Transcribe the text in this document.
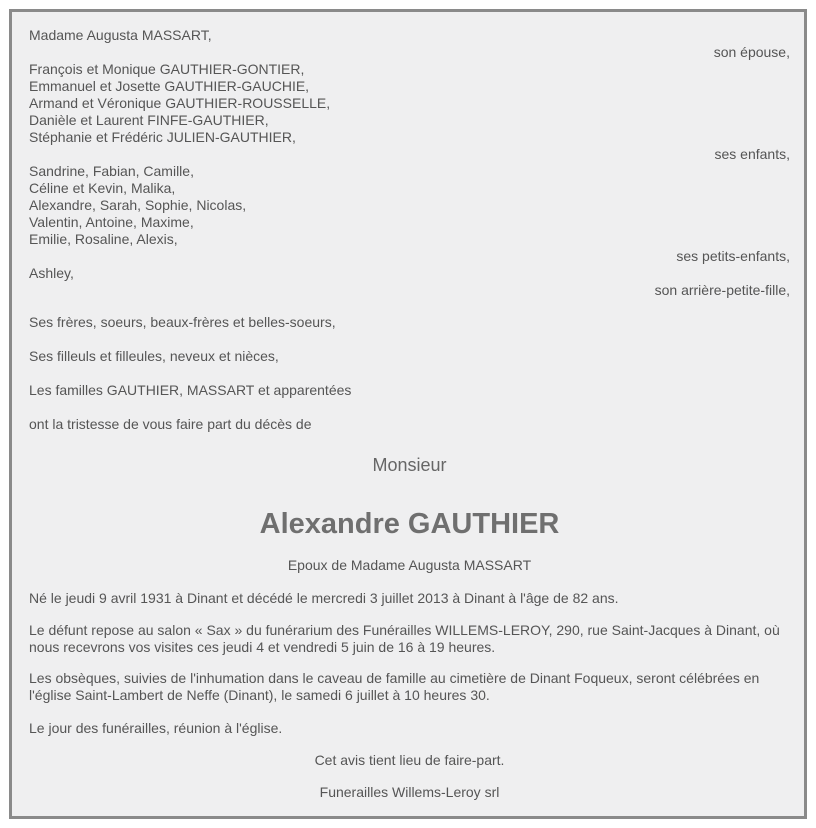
Madame Augusta MASSART,
son épouse,
François et Monique GAUTHIER-GONTIER,
Emmanuel et Josette GAUTHIER-GAUCHIE,
Armand et Véronique GAUTHIER-ROUSSELLE,
Danièle et Laurent FINFE-GAUTHIER,
Stéphanie et Frédéric JULIEN-GAUTHIER,
ses enfants,
Sandrine, Fabian, Camille,
Céline et Kevin, Malika,
Alexandre, Sarah, Sophie, Nicolas,
Valentin, Antoine, Maxime,
Emilie, Rosaline, Alexis,
ses petits-enfants,
Ashley,
son arrière-petite-fille,
Ses frères, soeurs, beaux-frères et belles-soeurs,
Ses filleuls et filleules, neveux et nièces,
Les familles GAUTHIER, MASSART et apparentées
ont la tristesse de vous faire part du décès de
Monsieur
Alexandre GAUTHIER
Epoux de Madame Augusta MASSART
Né le jeudi 9 avril 1931 à Dinant et décédé le mercredi 3 juillet 2013 à Dinant à l'âge de 82 ans.
Le défunt repose au salon « Sax » du funérarium des Funérailles WILLEMS-LEROY, 290, rue Saint-Jacques à Dinant, où nous recevrons vos visites ces jeudi 4 et vendredi 5 juin de 16 à 19 heures.
Les obsèques, suivies de l'inhumation dans le caveau de famille au cimetière de Dinant Foqueux, seront célébrées en l'église Saint-Lambert de Neffe (Dinant), le samedi 6 juillet à 10 heures 30.
Le jour des funérailles, réunion à l'église.
Cet avis tient lieu de faire-part.
Funerailles Willems-Leroy srl
